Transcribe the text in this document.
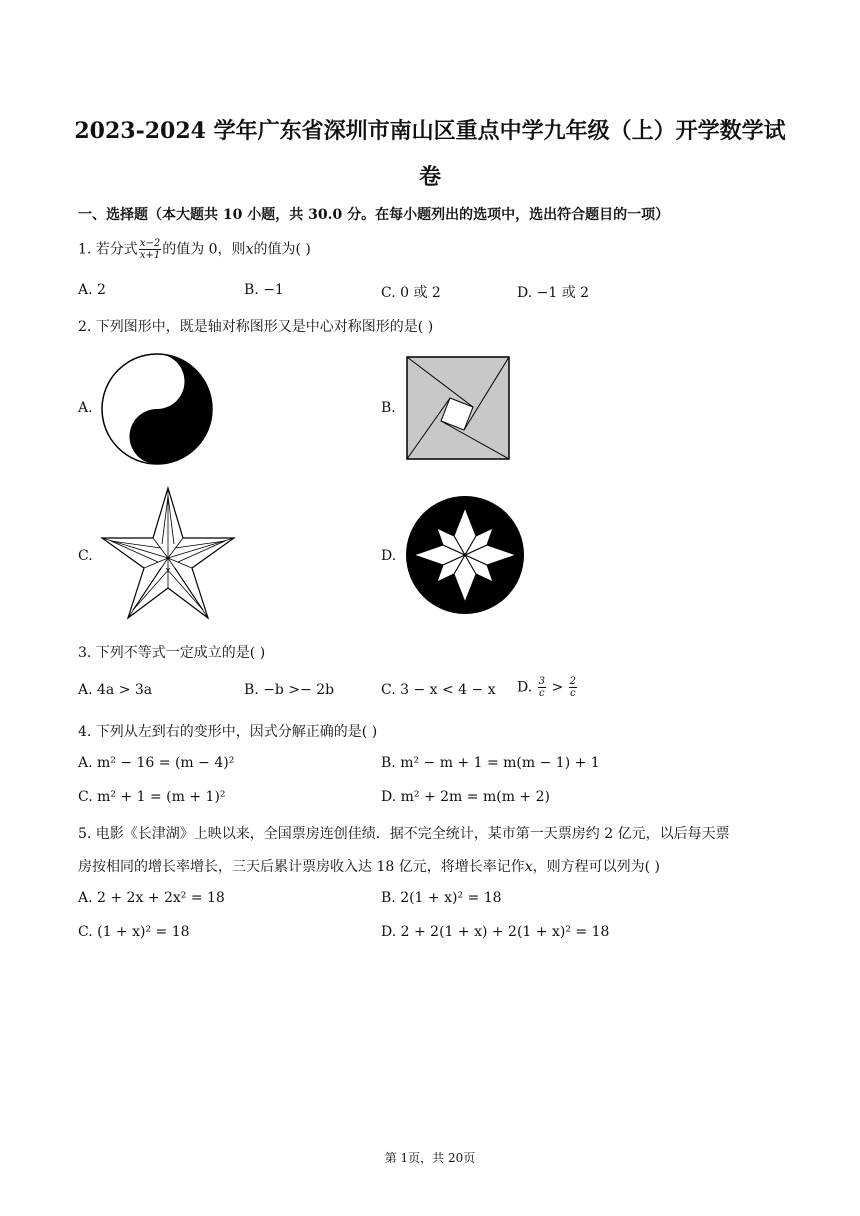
2023-2024 学年广东省深圳市南山区重点中学九年级（上）开学数学试
卷
一、选择题（本大题共 10 小题，共 30.0 分。在每小题列出的选项中，选出符合题目的一项）
1. 若分式 $\frac{x-2}{x+1}$ 的值为 0，则x的值为( )
A. 2	B. −1	C. 0 或 2	D. −1 或 2
2. 下列图形中，既是轴对称图形又是中心对称图形的是( )
A.	B.
C.	D.
3. 下列不等式一定成立的是( )
A. 4a > 3a	B. −b >− 2b	C. 3 − x < 4 − x D. $\frac{3}{c} > \frac{2}{c}$
4. 下列从左到右的变形中，因式分解正确的是( )
A. m² − 16 = (m − 4)²	B. m² − m + 1 = m(m − 1) + 1
C. m² + 1 = (m + 1)²	D. m² + 2m = m(m + 2)
5. 电影《长津湖》上映以来，全国票房连创佳绩．据不完全统计，某市第一天票房约 2 亿元，以后每天票
房按相同的增长率增长，三天后累计票房收入达 18 亿元，将增长率记作x，则方程可以列为( )
A. 2 + 2x + 2x² = 18	B. 2(1 + x)² = 18
C. (1 + x)² = 18	D. 2 + 2(1 + x) + 2(1 + x)² = 18
第 1页，共 20页
